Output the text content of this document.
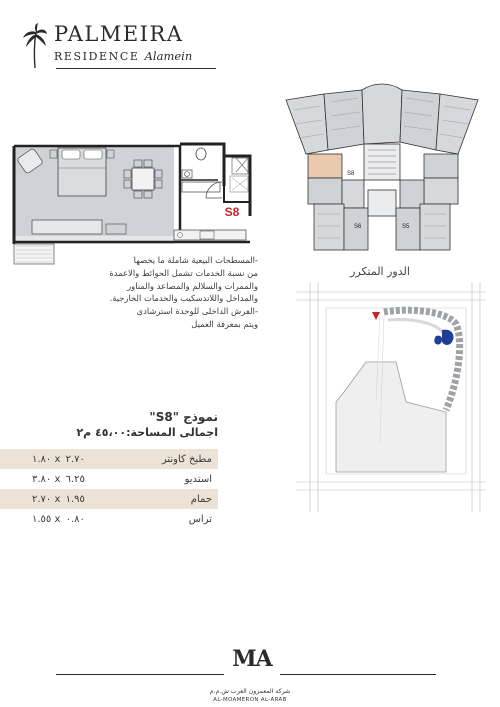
PALMEIRA
RESIDENCE Alamein
S8
S8
S6	S5
الدور المتكرر

-المسطحات البيعية شاملة ما يخصها

من نسبة الخدمات تشمل الحوائط والاعمدة

والممرات والسلالم والمصاعد والمناور

والمداخل واللاندسكيب والخدمات الخارجية.

-الفرش الداخلى للوحدة استرشادى

ويتم بمعرفة العميل

نموذج "S8"
اجمالى المساحة:٤٥،٠٠ م٢
١.٨٠ x ٢.٧٠	مطبخ كاونتر
٣.٨٠ x ٦.٢٥	استديو
٢.٧٠ x ١.٩٥	حمام
١.٥٥ x ٠.٨٠	تراس
MA
شركة المعمرون العرب ش.م.م
AL-MOAMERON AL-ARAB
